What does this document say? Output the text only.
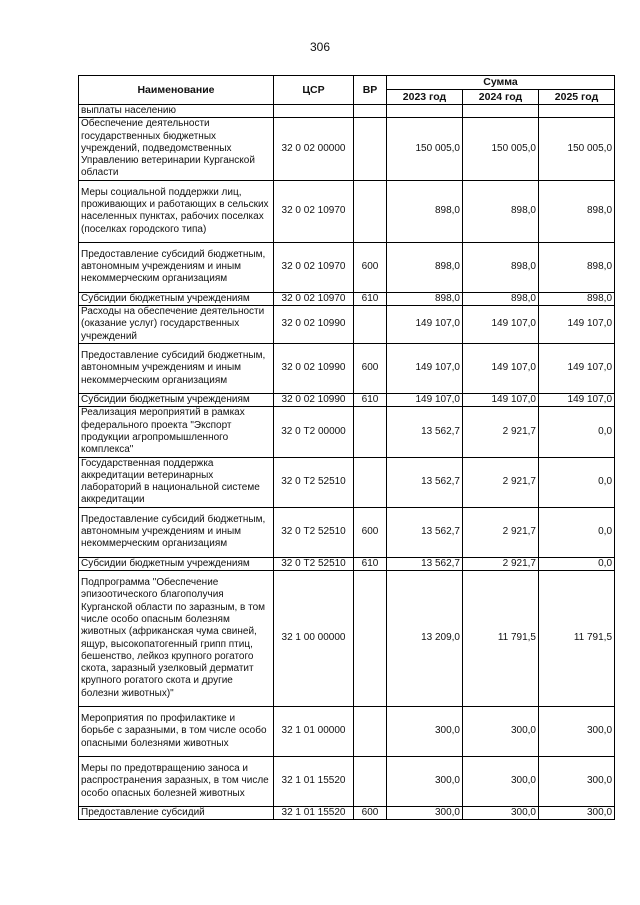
306
Наименование	ЦСР	ВР	Сумма		
			2023 год	2024 год	2025 год
выплаты населению					
Обеспечение деятельности государственных бюджетных учреждений, подведомственных Управлению ветеринарии Курганской области	32 0 02 00000		150 005,0	150 005,0	150 005,0
Меры социальной поддержки лиц, проживающих и работающих в сельских населенных пунктах, рабочих поселках (поселках городского типа)	32 0 02 10970		898,0	898,0	898,0
Предоставление субсидий бюджетным, автономным учреждениям и иным некоммерческим организациям	32 0 02 10970	600	898,0	898,0	898,0
Субсидии бюджетным учреждениям	32 0 02 10970	610	898,0	898,0	898,0
Расходы на обеспечение деятельности (оказание услуг) государственных учреждений	32 0 02 10990		149 107,0	149 107,0	149 107,0
Предоставление субсидий бюджетным, автономным учреждениям и иным некоммерческим организациям	32 0 02 10990	600	149 107,0	149 107,0	149 107,0
Субсидии бюджетным учреждениям	32 0 02 10990	610	149 107,0	149 107,0	149 107,0
Реализация мероприятий в рамках федерального проекта "Экспорт продукции агропромышленного комплекса"	32 0 Т2 00000		13 562,7	2 921,7	0,0
Государственная поддержка аккредитации ветеринарных лабораторий в национальной системе аккредитации	32 0 Т2 52510		13 562,7	2 921,7	0,0
Предоставление субсидий бюджетным, автономным учреждениям и иным некоммерческим организациям	32 0 Т2 52510	600	13 562,7	2 921,7	0,0
Субсидии бюджетным учреждениям	32 0 Т2 52510	610	13 562,7	2 921,7	0,0
Подпрограмма "Обеспечение эпизоотического благополучия Курганской области по заразным, в том числе особо опасным болезням животных (африканская чума свиней, ящур, высокопатогенный грипп птиц, бешенство, лейкоз крупного рогатого скота, заразный узелковый дерматит крупного рогатого скота и другие болезни животных)"	32 1 00 00000		13 209,0	11 791,5	11 791,5
Мероприятия по профилактике и борьбе с заразными, в том числе особо опасными болезнями животных	32 1 01 00000		300,0	300,0	300,0
Меры по предотвращению заноса и распространения заразных, в том числе особо опасных болезней животных	32 1 01 15520		300,0	300,0	300,0
Предоставление субсидий	32 1 01 15520	600	300,0	300,0	300,0
